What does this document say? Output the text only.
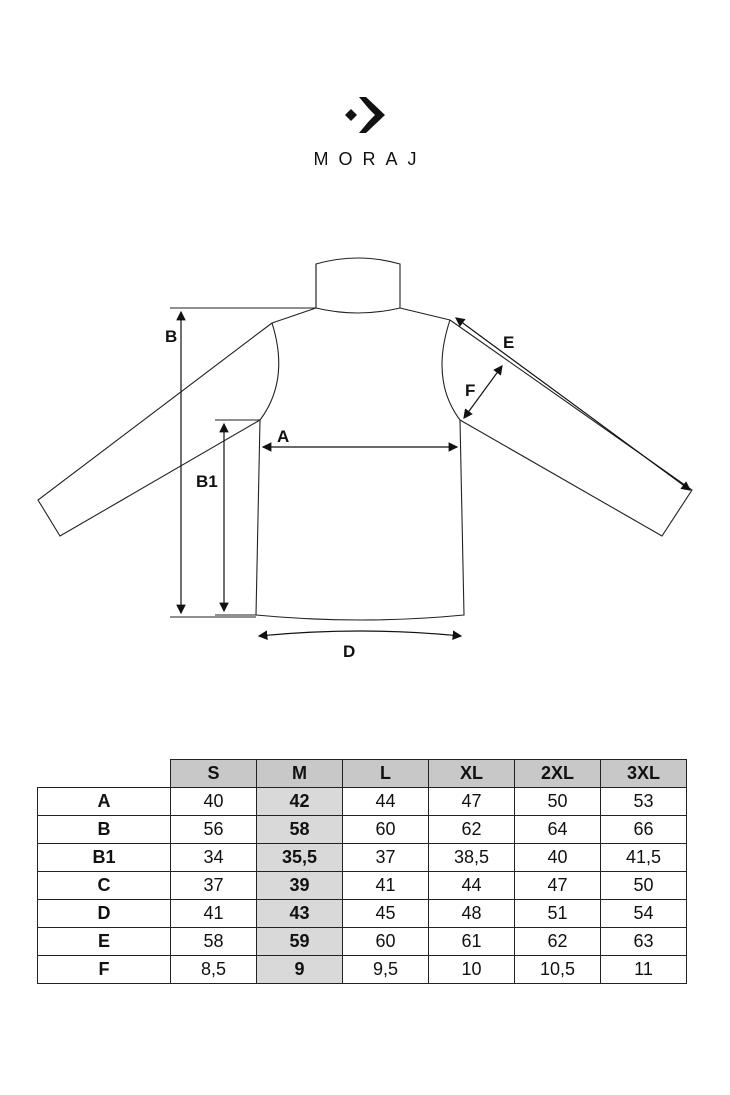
MORAJ
B
B1
A
D
E
F
	S	M	L	XL	2XL	3XL
A	40	42	44	47	50	53
B	56	58	60	62	64	66
B1	34	35,5	37	38,5	40	41,5
C	37	39	41	44	47	50
D	41	43	45	48	51	54
E	58	59	60	61	62	63
F	8,5	9	9,5	10	10,5	11
